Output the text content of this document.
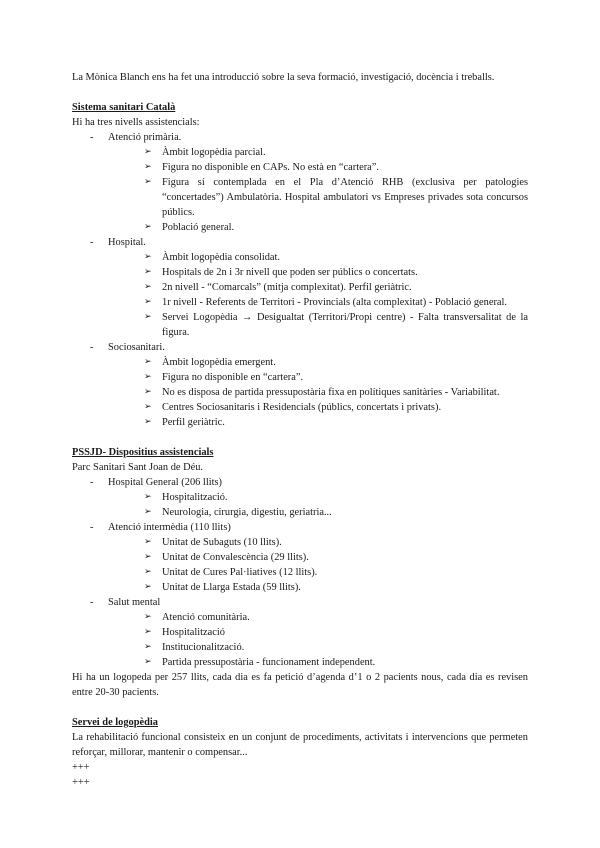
La Mònica Blanch ens ha fet una introducció sobre la seva formació, investigació, docència i treballs.

Sistema sanitari Català

Hi ha tres nivells assistencials:

- Atenció primària.
➢ Àmbit logopèdia parcial.
➢ Figura no disponible en CAPs. No està en “cartera”.
➢ Figura sí contemplada en el Pla d’Atenció RHB (exclusiva per patologies “concertades”) Ambulatòria. Hospital ambulatori vs Empreses privades sota concursos públics.
➢ Població general.
- Hospital.
➢ Àmbit logopèdia consolidat.
➢ Hospitals de 2n i 3r nivell que poden ser públics o concertats.
➢ 2n nivell - “Comarcals” (mitja complexitat). Perfil geriàtric.
➢ 1r nivell - Referents de Territori - Provincials (alta complexitat) - Població general.
➢ Servei Logopèdia → Desigualtat (Territori/Propi centre) - Falta transversalitat de la figura.
- Sociosanitari.
➢ Àmbit logopèdia emergent.
➢ Figura no disponible en “cartera”.
➢ No es disposa de partida pressupostària fixa en polítiques sanitàries - Variabilitat.
➢ Centres Sociosanitaris i Residencials (públics, concertats i privats).
➢ Perfil geriàtric.

PSSJD- Dispositius assistencials

Parc Sanitari Sant Joan de Déu.

- Hospital General (206 llits)
➢ Hospitalització.
➢ Neurologia, cirurgia, digestiu, geriatria...
- Atenció intermèdia (110 llits)
➢ Unitat de Subaguts (10 llits).
➢ Unitat de Convalescència (29 llits).
➢ Unitat de Cures Pal·liatives (12 llits).
➢ Unitat de Llarga Estada (59 llits).
- Salut mental
➢ Atenció comunitària.
➢ Hospitalització
➢ Institucionalització.
➢ Partida pressupostària - funcionament independent.

Hi ha un logopeda per 257 llits, cada dia es fa petició d’agenda d’1 o 2 pacients nous, cada dia es revisen entre 20-30 pacients.

Servei de logopèdia

La rehabilitació funcional consisteix en un conjunt de procediments, activitats i intervencions que permeten reforçar, millorar, mantenir o compensar...

+++

+++
